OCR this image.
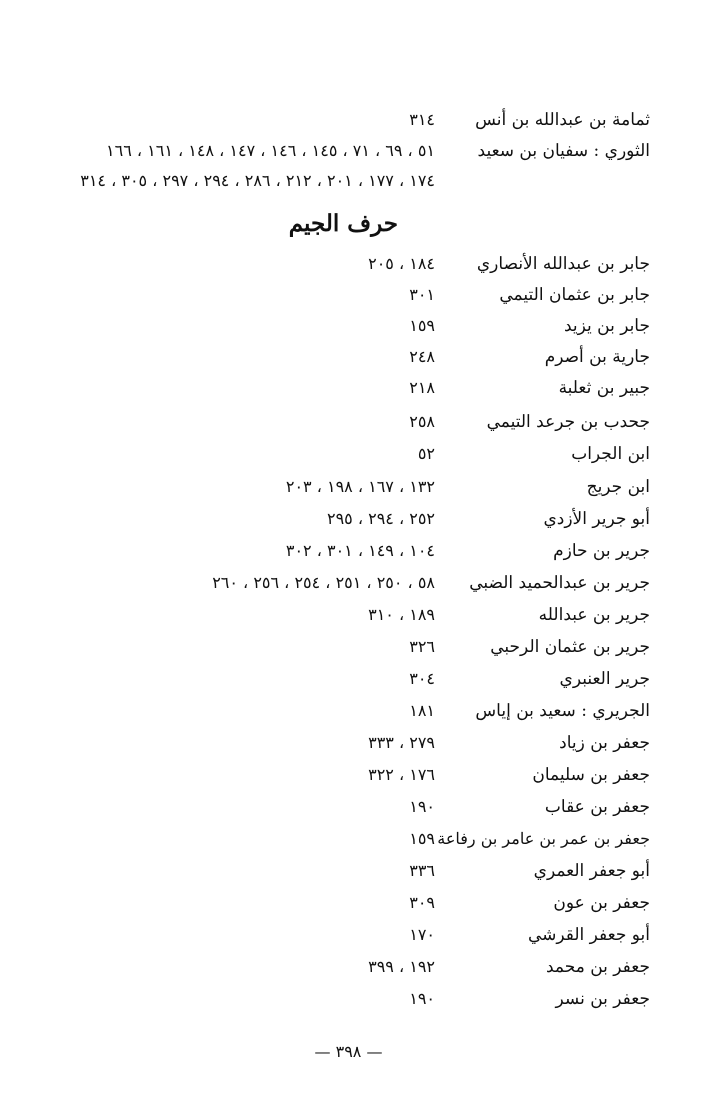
ثمامة بن عبدالله بن أنس
٣١٤
الثوري : سفيان بن سعيد
٥١ ، ٦٩ ، ٧١ ، ١٤٥ ، ١٤٦ ، ١٤٧ ، ١٤٨ ، ١٦١ ، ١٦٦
١٧٤ ، ١٧٧ ، ٢٠١ ، ٢١٢ ، ٢٨٦ ، ٢٩٤ ، ٢٩٧ ، ٣٠٥ ، ٣١٤
حرف الجيم
جابر بن عبدالله الأنصاري
١٨٤ ، ٢٠٥
جابر بن عثمان التيمي
٣٠١
جابر بن يزيد
١٥٩
جارية بن أصرم
٢٤٨
جبير بن ثعلبة
٢١٨
جحدب بن جرعد التيمي
٢٥٨
ابن الجراب
٥٢
ابن جريج
١٣٢ ، ١٦٧ ، ١٩٨ ، ٢٠٣
أبو جرير الأزدي
٢٥٢ ، ٢٩٤ ، ٢٩٥
جرير بن حازم
١٠٤ ، ١٤٩ ، ٣٠١ ، ٣٠٢
جرير بن عبدالحميد الضبي
٥٨ ، ٢٥٠ ، ٢٥١ ، ٢٥٤ ، ٢٥٦ ، ٢٦٠
جرير بن عبدالله
١٨٩ ، ٣١٠
جرير بن عثمان الرحبي
٣٢٦
جرير العنبري
٣٠٤
الجريري : سعيد بن إياس
١٨١
جعفر بن زياد
٢٧٩ ، ٣٣٣
جعفر بن سليمان
١٧٦ ، ٣٢٢
جعفر بن عقاب
١٩٠
جعفر بن عمر بن عامر بن رفاعة
١٥٩
أبو جعفر العمري
٣٣٦
جعفر بن عون
٣٠٩
أبو جعفر القرشي
١٧٠
جعفر بن محمد
١٩٢ ، ٣٩٩
جعفر بن نسر
١٩٠
— ٣٩٨ —
